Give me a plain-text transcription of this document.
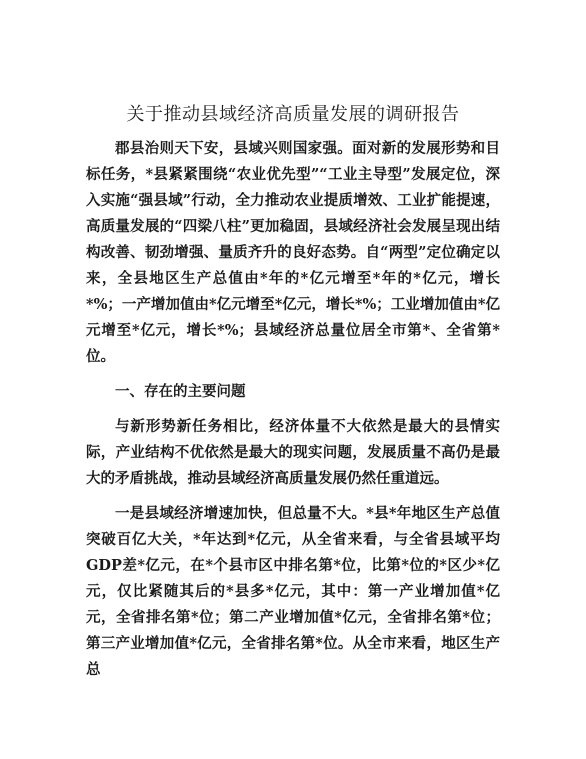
关于推动县域经济高质量发展的调研报告

郡县治则天下安，县域兴则国家强。面对新的发展形势和目标任务，*县紧紧围绕“农业优先型”“工业主导型”发展定位，深入实施“强县域”行动，全力推动农业提质增效、工业扩能提速，高质量发展的“四梁八柱”更加稳固，县域经济社会发展呈现出结构改善、韧劲增强、量质齐升的良好态势。自“两型”定位确定以来，全县地区生产总值由*年的*亿元增至*年的*亿元，增长*%；一产增加值由*亿元增至*亿元，增长*%；工业增加值由*亿元增至*亿元，增长*%；县域经济总量位居全市第*、全省第*位。

一、存在的主要问题

与新形势新任务相比，经济体量不大依然是最大的县情实际，产业结构不优依然是最大的现实问题，发展质量不高仍是最大的矛盾挑战，推动县域经济高质量发展仍然任重道远。

一是县域经济增速加快，但总量不大。*县*年地区生产总值突破百亿大关，*年达到*亿元，从全省来看，与全省县域平均GDP差*亿元，在*个县市区中排名第*位，比第*位的*区少*亿元，仅比紧随其后的*县多*亿元，其中：第一产业增加值*亿元，全省排名第*位；第二产业增加值*亿元，全省排名第*位；第三产业增加值*亿元，全省排名第*位。从全市来看，地区生产总
